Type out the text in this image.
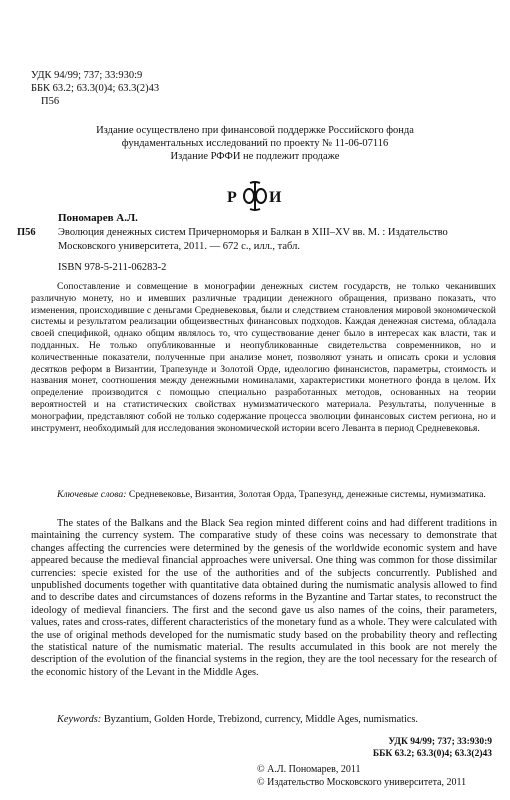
УДК 94/99; 737; 33:930:9
ББК 63.2; 63.3(0)4; 63.3(2)43
П56
Издание осуществлено при финансовой поддержке Российского фонда
фундаментальных исследований по проекту № 11-06-07116
Издание РФФИ не подлежит продаже
Р И
Пономарев А.Л.
П56 Эволюция денежных систем Причерноморья и Балкан в XIII–XV вв. М. : Издательство Московского университета, 2011. — 672 с., илл., табл.

ISBN 978-5-211-06283-2

Сопоставление и совмещение в монографии денежных систем государств, не только чеканивших различную монету, но и имевших различные традиции денежного обращения, призвано показать, что изменения, происходившие с деньгами Средневековья, были и следствием становления мировой экономической системы и результатом реализации общеизвестных финансовых подходов. Каждая денежная система, обладала своей спецификой, однако общим являлось то, что существование денег было в интересах как власти, так и подданных. Не только опубликованные и неопубликованные свидетельства современников, но и количественные показатели, полученные при анализе монет, позволяют узнать и описать сроки и условия десятков реформ в Византии, Трапезунде и Золотой Орде, идеологию финансистов, параметры, стоимость и названия монет, соотношения между денежными номиналами, характеристики монетного фонда в целом. Их определение производится с помощью специально разработанных методов, основанных на теории вероятностей и на статистических свойствах нумизматического материала. Результаты, полученные в монографии, представляют собой не только содержание процесса эволюции финансовых систем региона, но и инструмент, необходимый для исследования экономической истории всего Леванта в период Средневековья.

Ключевые слова: Средневековье, Византия, Золотая Орда, Трапезунд, денежные системы, нумизматика.

The states of the Balkans and the Black Sea region minted different coins and had different traditions in maintaining the currency system. The comparative study of these coins was necessary to demonstrate that changes affecting the currencies were determined by the genesis of the worldwide economic system and have appeared because the medieval financial approaches were universal. One thing was common for those dissimilar currencies: specie existed for the use of the authorities and of the subjects concurrently. Published and unpublished documents together with quantitative data obtained during the numismatic analysis allowed to find and to describe dates and circumstances of dozens reforms in the Byzantine and Tartar states, to reconstruct the ideology of medieval financiers. The first and the second gave us also names of the coins, their parameters, values, rates and cross-rates, different characteristics of the monetary fund as a whole. They were calculated with the use of original methods developed for the numismatic study based on the probability theory and reflecting the statistical nature of the numismatic material. The results accumulated in this book are not merely the description of the evolution of the financial systems in the region, they are the tool necessary for the research of the economic history of the Levant in the Middle Ages.

Keywords: Byzantium, Golden Horde, Trebizond, currency, Middle Ages, numismatics.
УДК 94/99; 737; 33:930:9
ББК 63.2; 63.3(0)4; 63.3(2)43
© А.Л. Пономарев, 2011
© Издательство Московского университета, 2011
